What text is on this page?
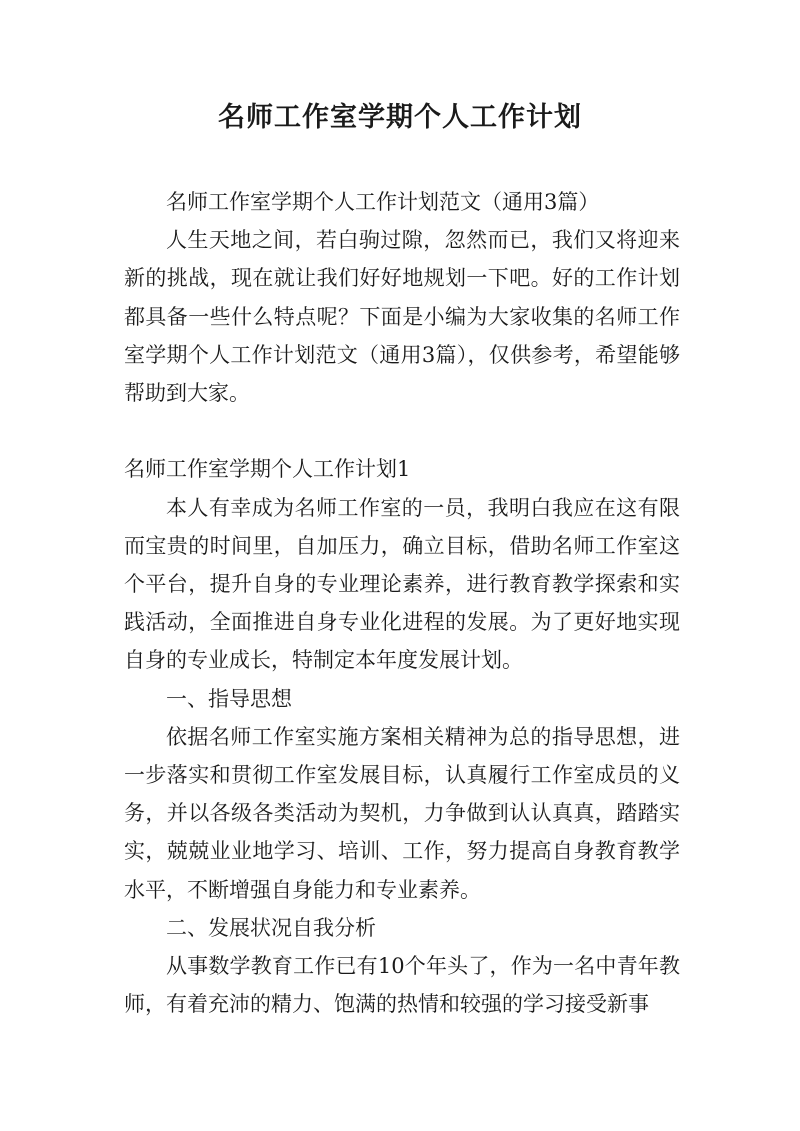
名师工作室学期个人工作计划

名师工作室学期个人工作计划范文（通用3篇）

人生天地之间，若白驹过隙，忽然而已，我们又将迎来新的挑战，现在就让我们好好地规划一下吧。好的工作计划都具备一些什么特点呢？下面是小编为大家收集的名师工作室学期个人工作计划范文（通用3篇），仅供参考，希望能够帮助到大家。

名师工作室学期个人工作计划1

本人有幸成为名师工作室的一员，我明白我应在这有限而宝贵的时间里，自加压力，确立目标，借助名师工作室这个平台，提升自身的专业理论素养，进行教育教学探索和实践活动，全面推进自身专业化进程的发展。为了更好地实现自身的专业成长，特制定本年度发展计划。

一、指导思想

依据名师工作室实施方案相关精神为总的指导思想，进一步落实和贯彻工作室发展目标，认真履行工作室成员的义务，并以各级各类活动为契机，力争做到认认真真，踏踏实实，兢兢业业地学习、培训、工作，努力提高自身教育教学水平，不断增强自身能力和专业素养。

二、发展状况自我分析

从事数学教育工作已有10个年头了，作为一名中青年教师，有着充沛的精力、饱满的热情和较强的学习接受新事
